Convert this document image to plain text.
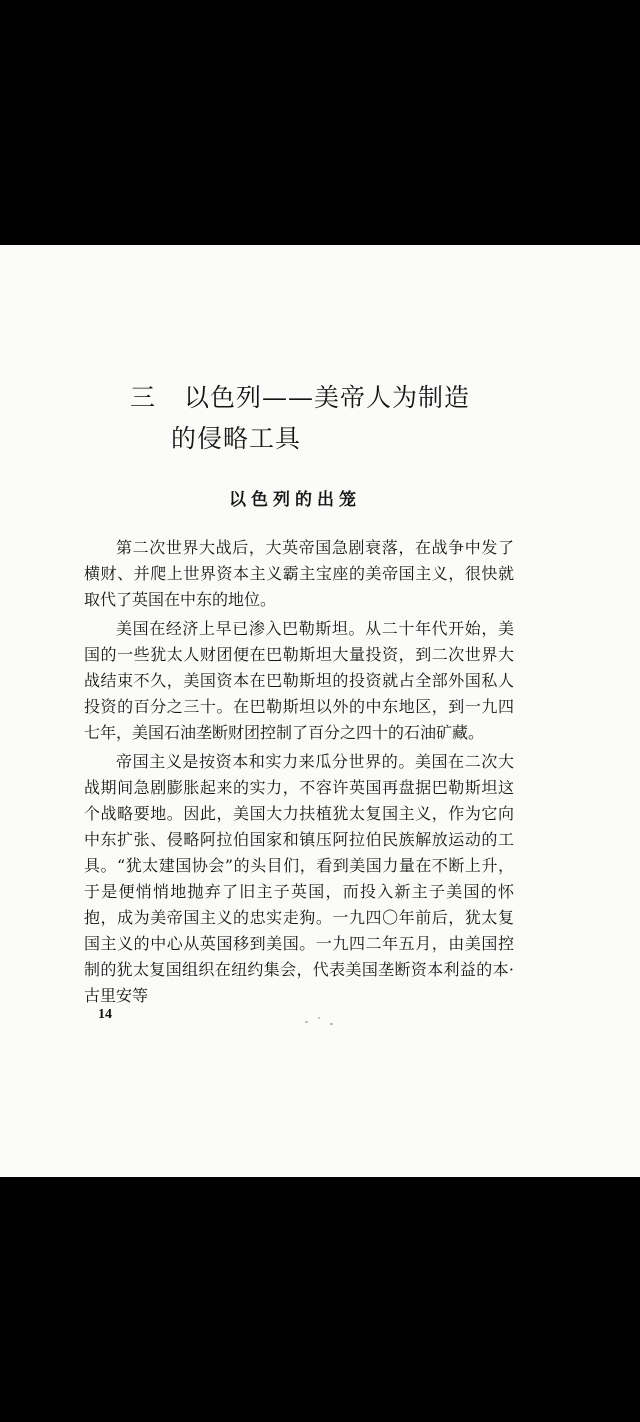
三 以色列——美帝人为制造
的侵略工具
以色列的出笼

第二次世界大战后，大英帝国急剧衰落，在战争中发了横财、并爬上世界资本主义霸主宝座的美帝国主义，很快就取代了英国在中东的地位。

美国在经济上早已渗入巴勒斯坦。从二十年代开始，美国的一些犹太人财团便在巴勒斯坦大量投资，到二次世界大战结束不久，美国资本在巴勒斯坦的投资就占全部外国私人投资的百分之三十。在巴勒斯坦以外的中东地区，到一九四七年，美国石油垄断财团控制了百分之四十的石油矿藏。

帝国主义是按资本和实力来瓜分世界的。美国在二次大战期间急剧膨胀起来的实力，不容许英国再盘据巴勒斯坦这个战略要地。因此，美国大力扶植犹太复国主义，作为它向中东扩张、侵略阿拉伯国家和镇压阿拉伯民族解放运动的工具。“犹太建国协会”的头目们，看到美国力量在不断上升，于是便悄悄地抛弃了旧主子英国，而投入新主子美国的怀抱，成为美帝国主义的忠实走狗。一九四〇年前后，犹太复国主义的中心从英国移到美国。一九四二年五月，由美国控制的犹太复国组织在纽约集会，代表美国垄断资本利益的本·古里安等

14
